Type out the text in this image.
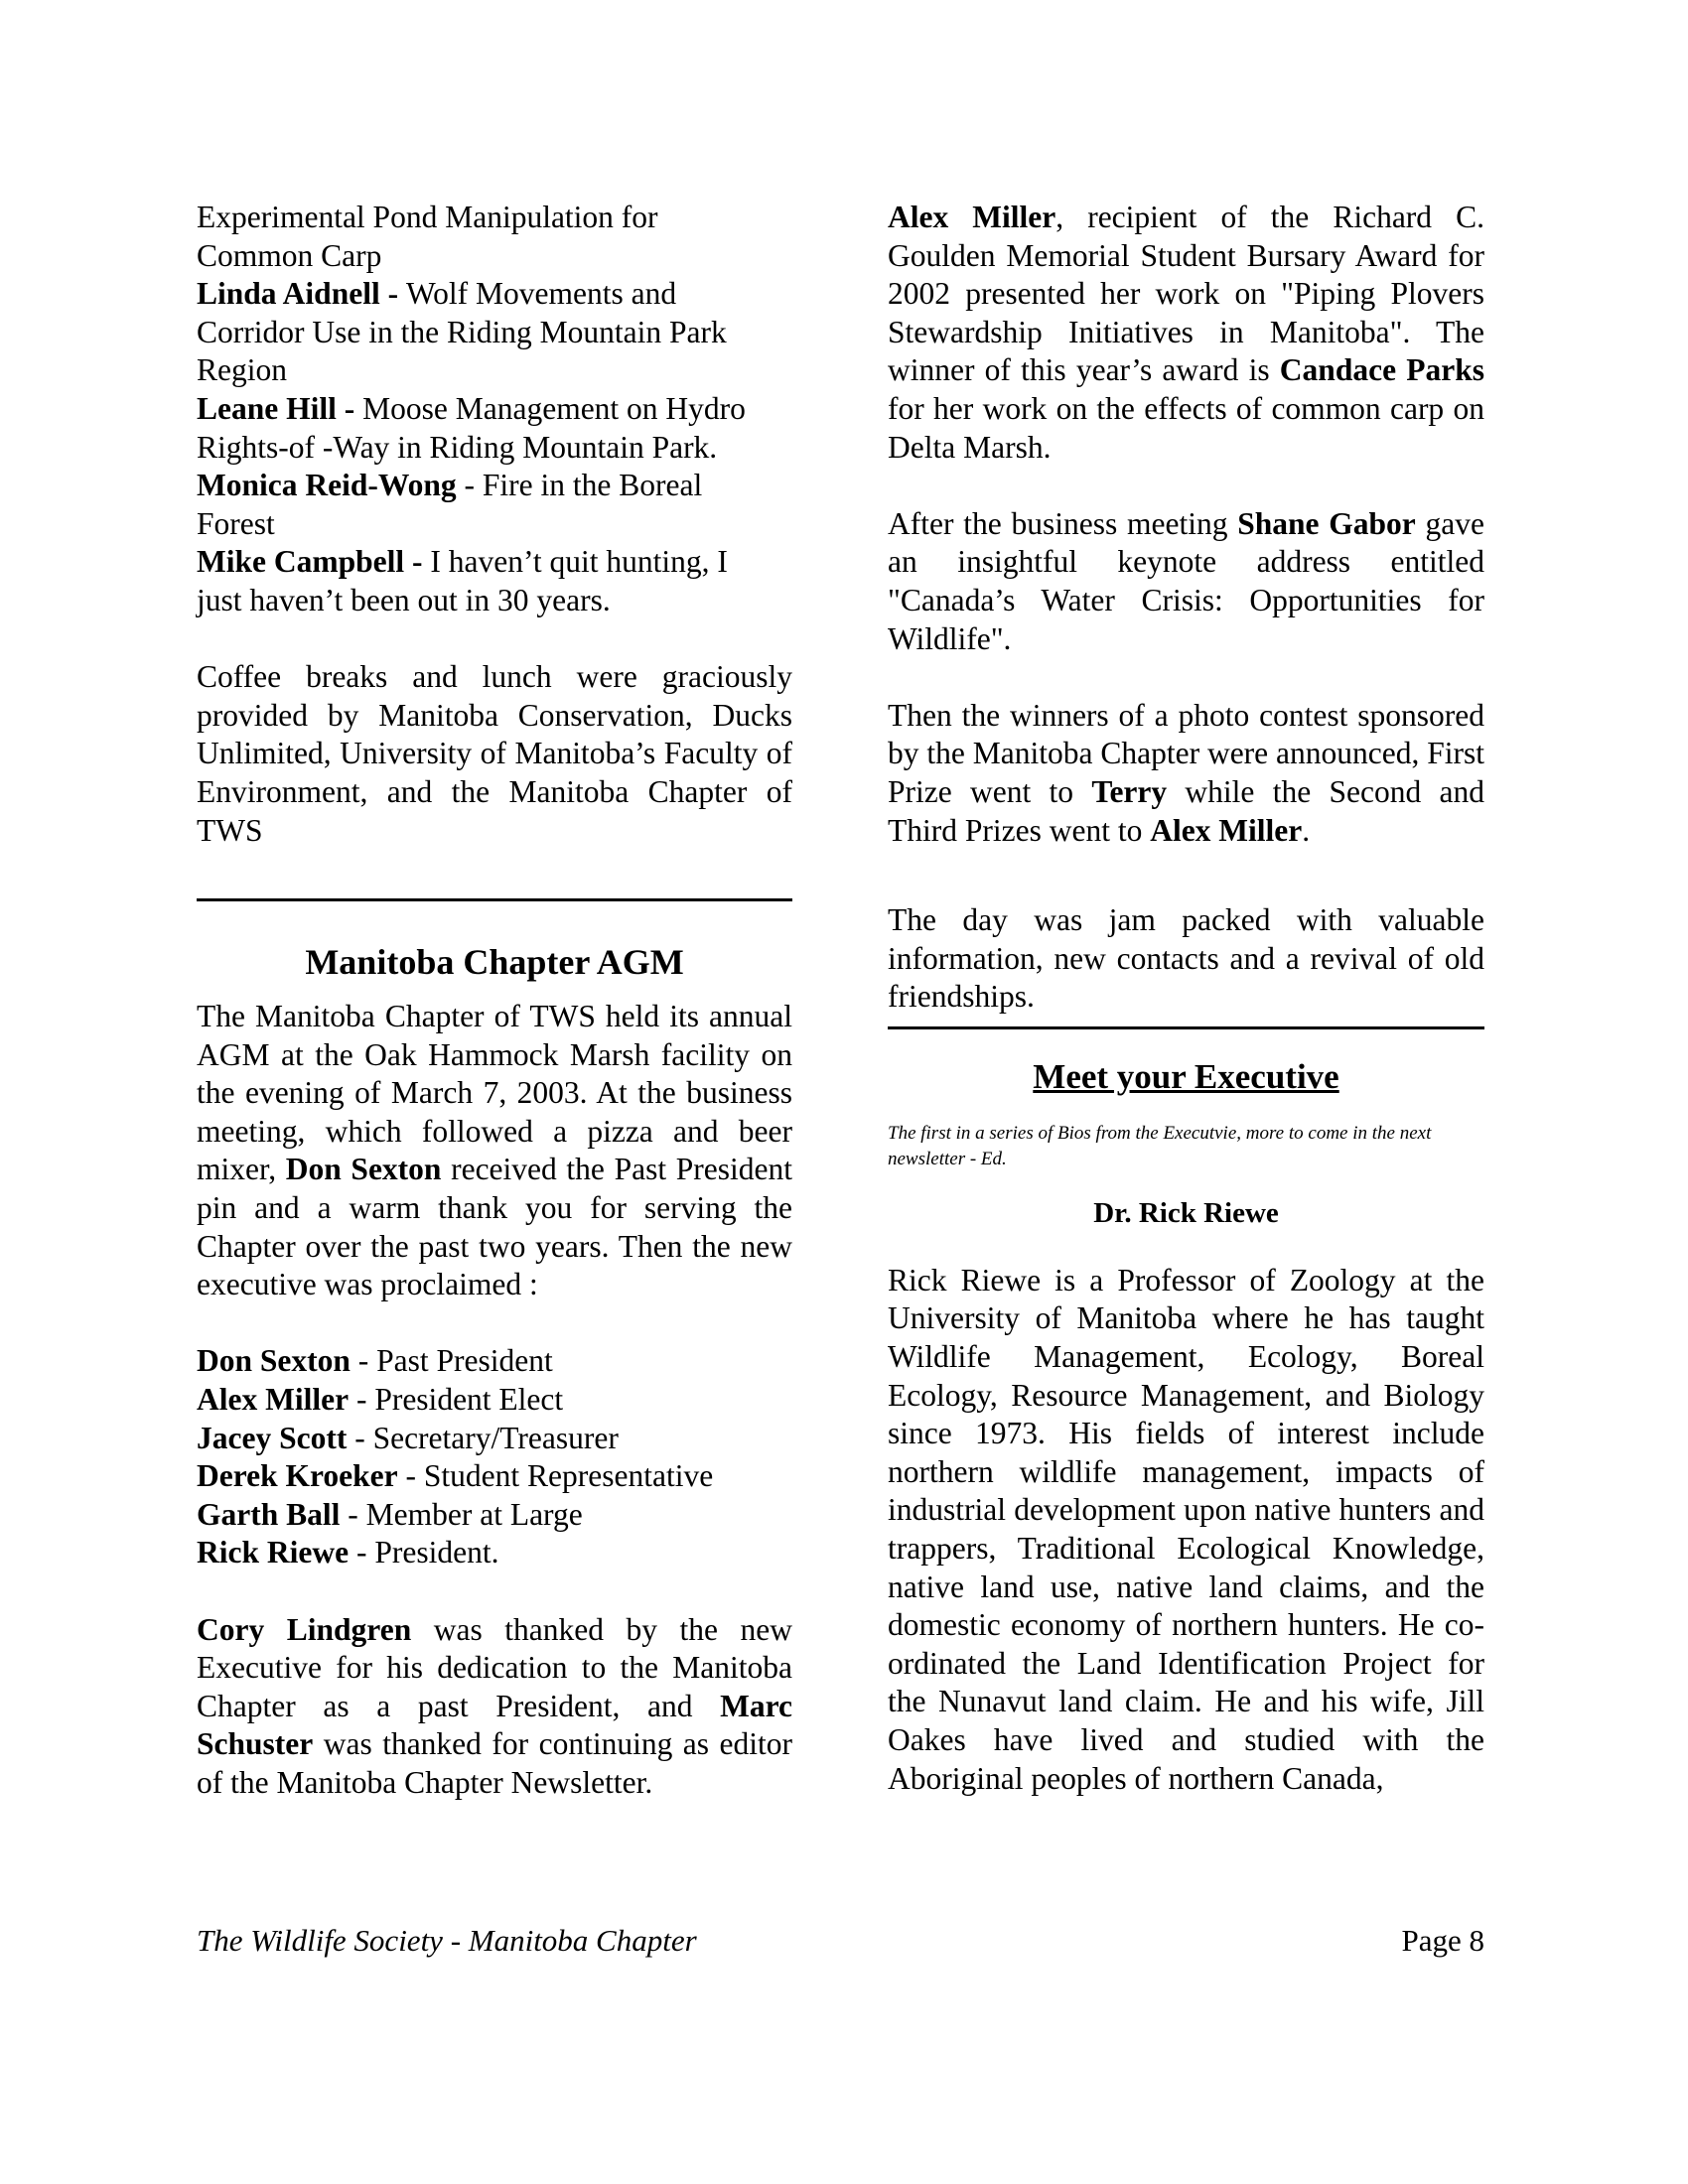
Experimental Pond Manipulation for

Common Carp

Linda Aidnell - Wolf Movements and
Corridor Use in the Riding Mountain Park
Region
Leane Hill - Moose Management on Hydro
Rights-of -Way in Riding Mountain Park.
Monica Reid-Wong - Fire in the Boreal
Forest
Mike Campbell - I haven’t quit hunting, I
just haven’t been out in 30 years.

Coffee breaks and lunch were graciously provided by Manitoba Conservation, Ducks Unlimited, University of Manitoba’s Faculty of Environment, and the Manitoba Chapter of TWS

Manitoba Chapter AGM

The Manitoba Chapter of TWS held its annual AGM at the Oak Hammock Marsh facility on the evening of March 7, 2003. At the business meeting, which followed a pizza and beer mixer, Don Sexton received the Past President pin and a warm thank you for serving the Chapter over the past two years. Then the new executive was proclaimed :

Don Sexton - Past President
Alex Miller - President Elect
Jacey Scott - Secretary/Treasurer
Derek Kroeker - Student Representative
Garth Ball - Member at Large
Rick Riewe - President.

Cory Lindgren was thanked by the new Executive for his dedication to the Manitoba Chapter as a past President, and Marc Schuster was thanked for continuing as editor of the Manitoba Chapter Newsletter.

Alex Miller, recipient of the Richard C. Goulden Memorial Student Bursary Award for 2002 presented her work on "Piping Plovers Stewardship Initiatives in Manitoba". The winner of this year’s award is Candace Parks for her work on the effects of common carp on Delta Marsh.

After the business meeting Shane Gabor gave an insightful keynote address entitled "Canada’s Water Crisis: Opportunities for Wildlife".

Then the winners of a photo contest sponsored by the Manitoba Chapter were announced, First Prize went to Terry while the Second and Third Prizes went to Alex Miller.

The day was jam packed with valuable information, new contacts and a revival of old friendships.

Meet your Executive

The first in a series of Bios from the Executvie, more to come in the next newsletter - Ed.

Dr. Rick Riewe

Rick Riewe is a Professor of Zoology at the University of Manitoba where he has taught Wildlife Management, Ecology, Boreal Ecology, Resource Management, and Biology since 1973. His fields of interest include northern wildlife management, impacts of industrial development upon native hunters and trappers, Traditional Ecological Knowledge, native land use, native land claims, and the domestic economy of northern hunters. He co-ordinated the Land Identification Project for the Nunavut land claim. He and his wife, Jill Oakes have lived and studied with the Aboriginal peoples of northern Canada,

The Wildlife Society - Manitoba Chapter	Page 8
